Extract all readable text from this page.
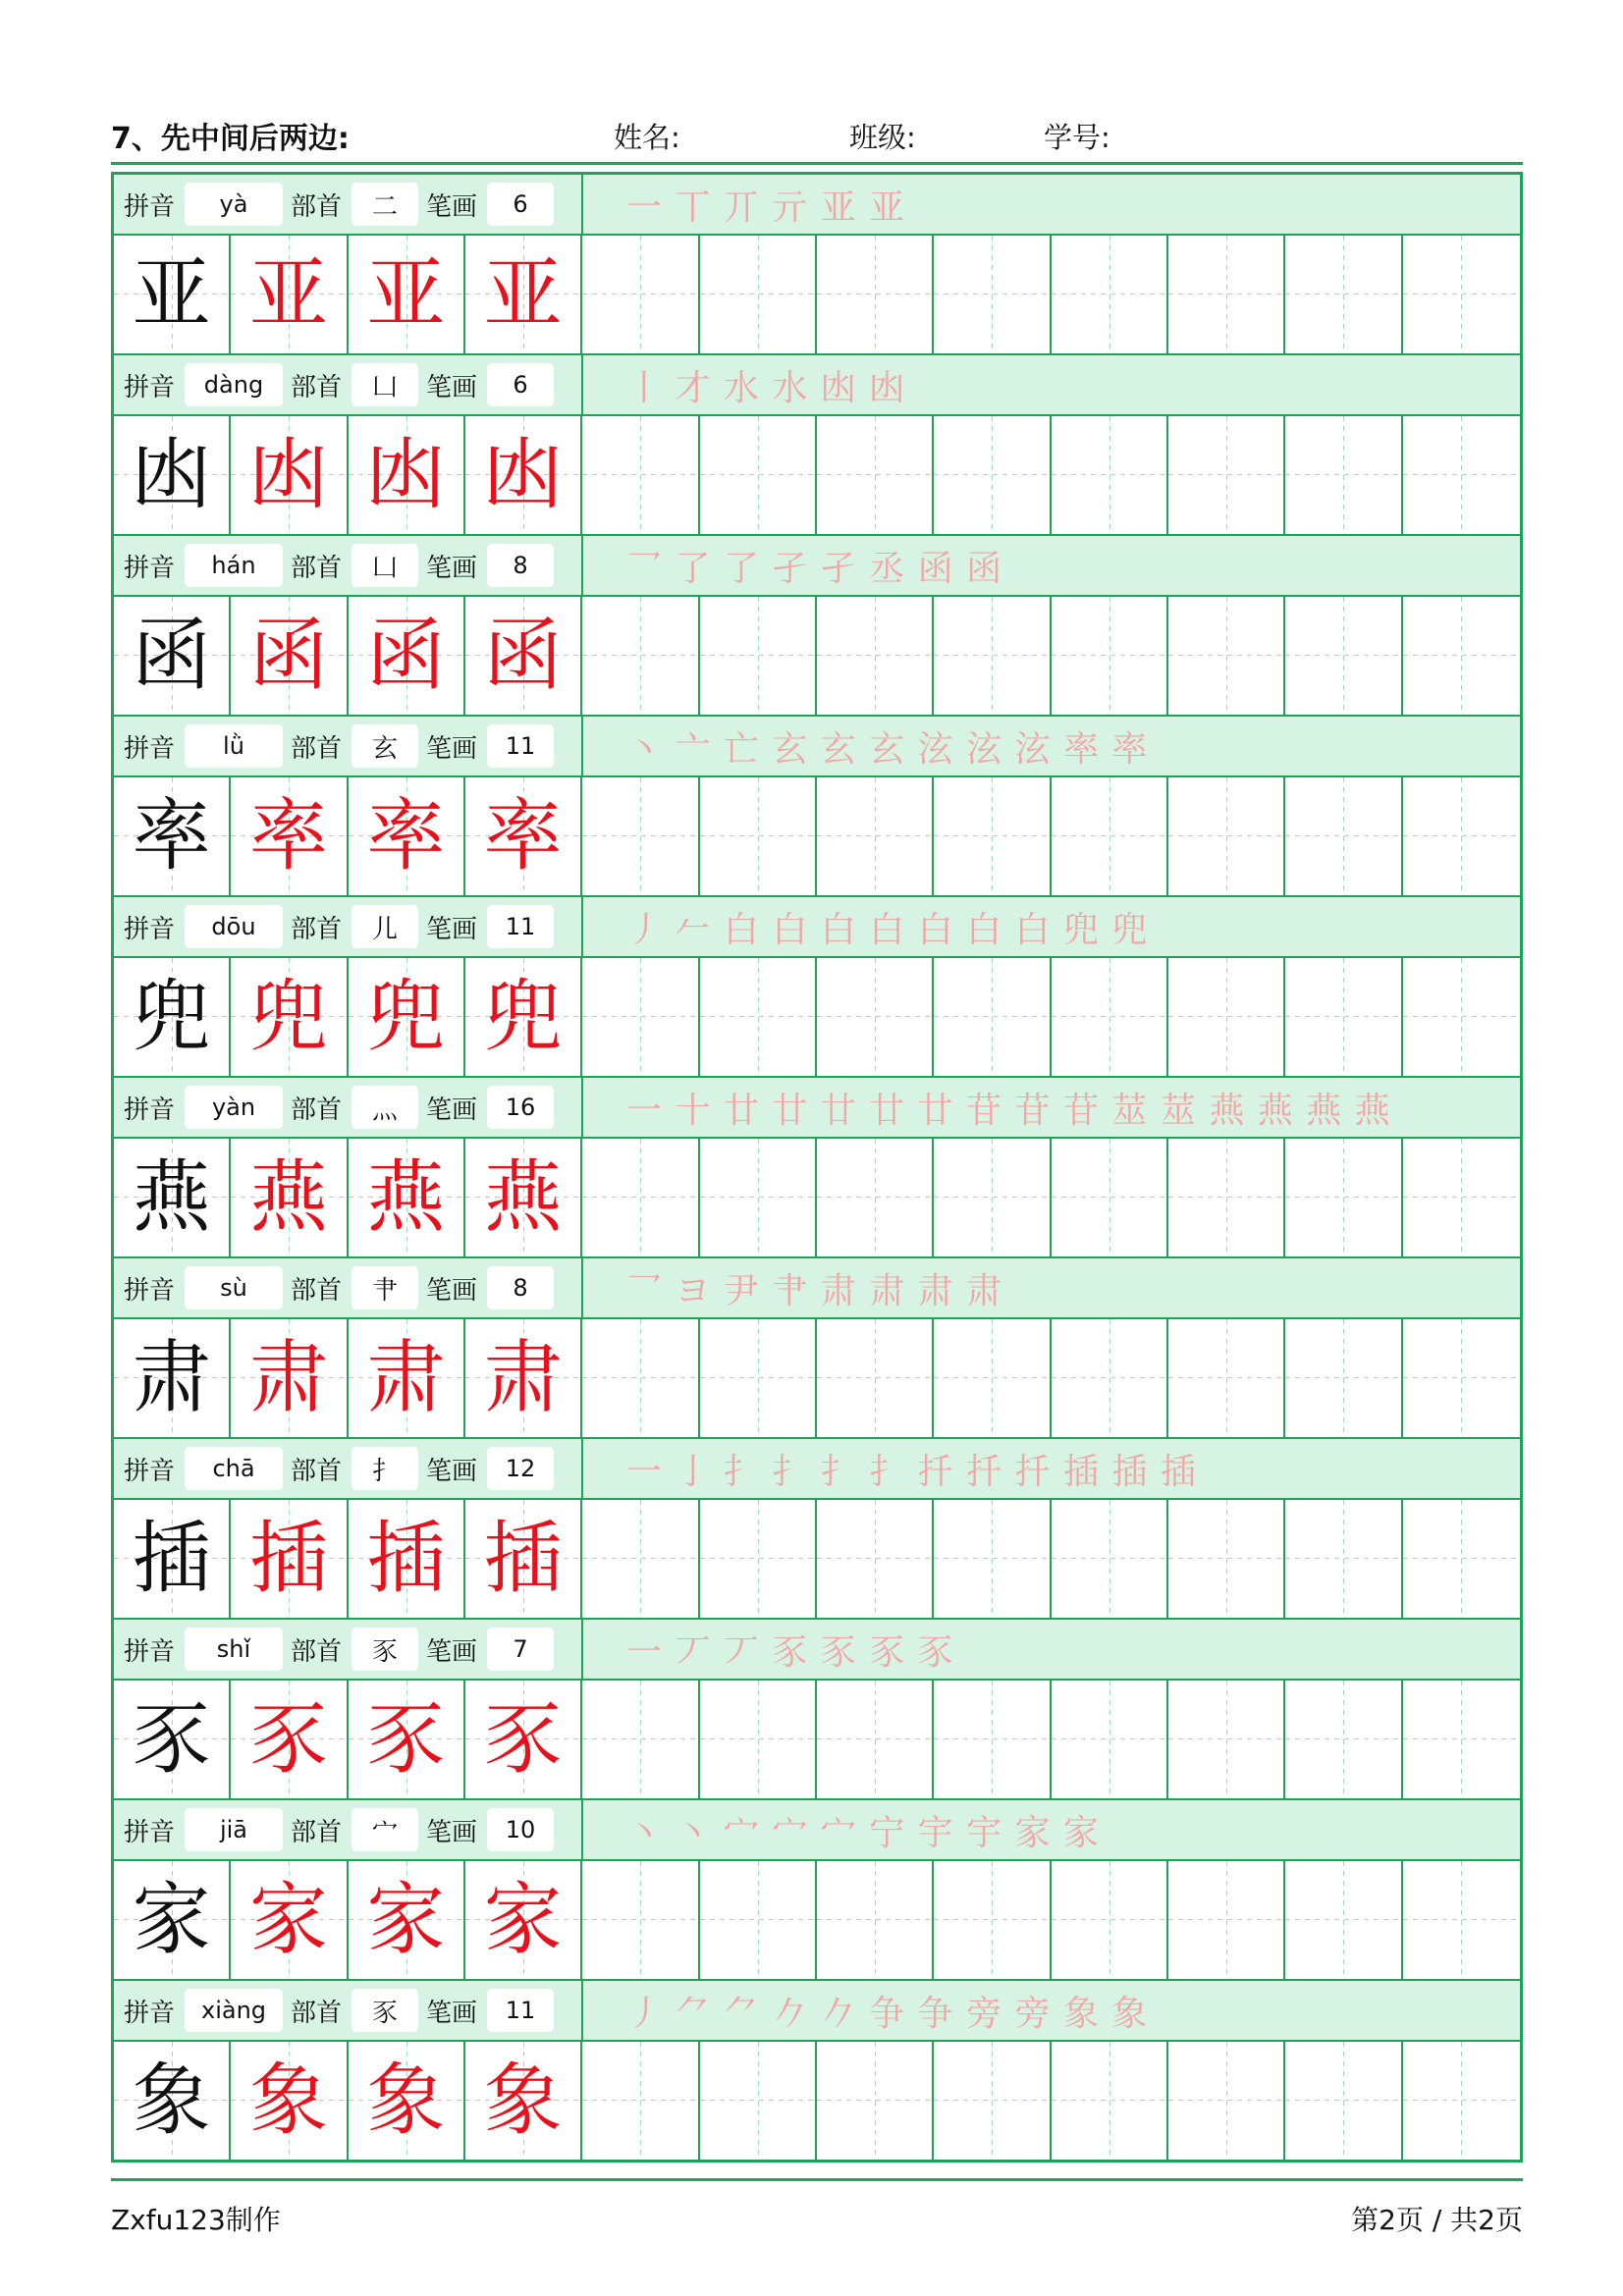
7、先中间后两边:	姓名:	班级:	学号:
拼音	yà	部首	二	笔画	6	一 丅 丌 亓 亚 亚
亚 亚 亚 亚
拼音	dàng	部首	凵	笔画	6	丨 才 水 水 凼 凼
凼 凼 凼 凼
拼音	hán	部首	凵	笔画	8	乛 了 了 孑 孑 丞 函 函
函 函 函 函
拼音	lǜ	部首	玄	笔画	11	丶 亠 亡 玄 玄 玄 泫 泫 泫 率 率
率 率 率 率
拼音	dōu	部首	儿	笔画	11	丿 𠂉 白 白 白 白 白 白 白 兜 兜
兜 兜 兜 兜
拼音	yàn	部首	灬	笔画	16	一 十 廿 廿 廿 廿 廿 苷 苷 苷 莁 莁 燕 燕 燕 燕
燕 燕 燕 燕
拼音	sù	部首	肀	笔画	8	乛 ヨ 尹 肀 肃 肃 肃 肃
肃 肃 肃 肃
拼音	chā	部首	扌	笔画	12	一 亅 扌 扌 扌 扌 扦 扦 扦 插 插 插
插 插 插 插
拼音	shǐ	部首	豕	笔画	7	一 丆 丆 豕 豕 豕 豕
豕 豕 豕 豕
拼音	jiā	部首	宀	笔画	10	丶 丶 宀 宀 宀 宁 宇 宇 家 家
家 家 家 家
拼音	xiàng 部首	豕	笔画	11	丿 ⺈ ⺈ 𠂊 𠂊 争 争 旁 旁 象 象
象 象 象 象
Zxfu123制作	第2页 / 共2页
